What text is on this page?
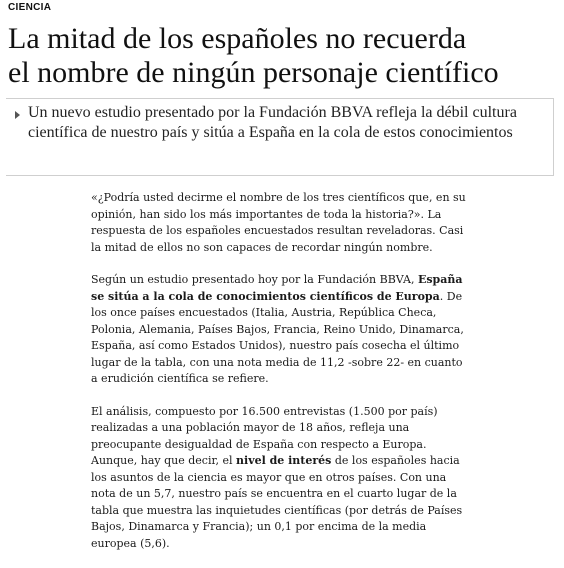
CIENCIA
La mitad de los españoles no recuerda
el nombre de ningún personaje científico
Un nuevo estudio presentado por la Fundación BBVA refleja la débil cultura científica de nuestro país y sitúa a España en la cola de estos conocimientos

«¿Podría usted decirme el nombre de los tres científicos que, en su opinión, han sido los más importantes de toda la historia?». La respuesta de los españoles encuestados resultan reveladoras. Casi la mitad de ellos no son capaces de recordar ningún nombre.

Según un estudio presentado hoy por la Fundación BBVA, España se sitúa a la cola de conocimientos científicos de Europa. De los once países encuestados (Italia, Austria, República Checa, Polonia, Alemania, Países Bajos, Francia, Reino Unido, Dinamarca, España, así como Estados Unidos), nuestro país cosecha el último lugar de la tabla, con una nota media de 11,2 -sobre 22- en cuanto a erudición científica se refiere.

El análisis, compuesto por 16.500 entrevistas (1.500 por país) realizadas a una población mayor de 18 años, refleja una preocupante desigualdad de España con respecto a Europa. Aunque, hay que decir, el nivel de interés de los españoles hacia los asuntos de la ciencia es mayor que en otros países. Con una nota de un 5,7, nuestro país se encuentra en el cuarto lugar de la tabla que muestra las inquietudes científicas (por detrás de Países Bajos, Dinamarca y Francia); un 0,1 por encima de la media europea (5,6).
